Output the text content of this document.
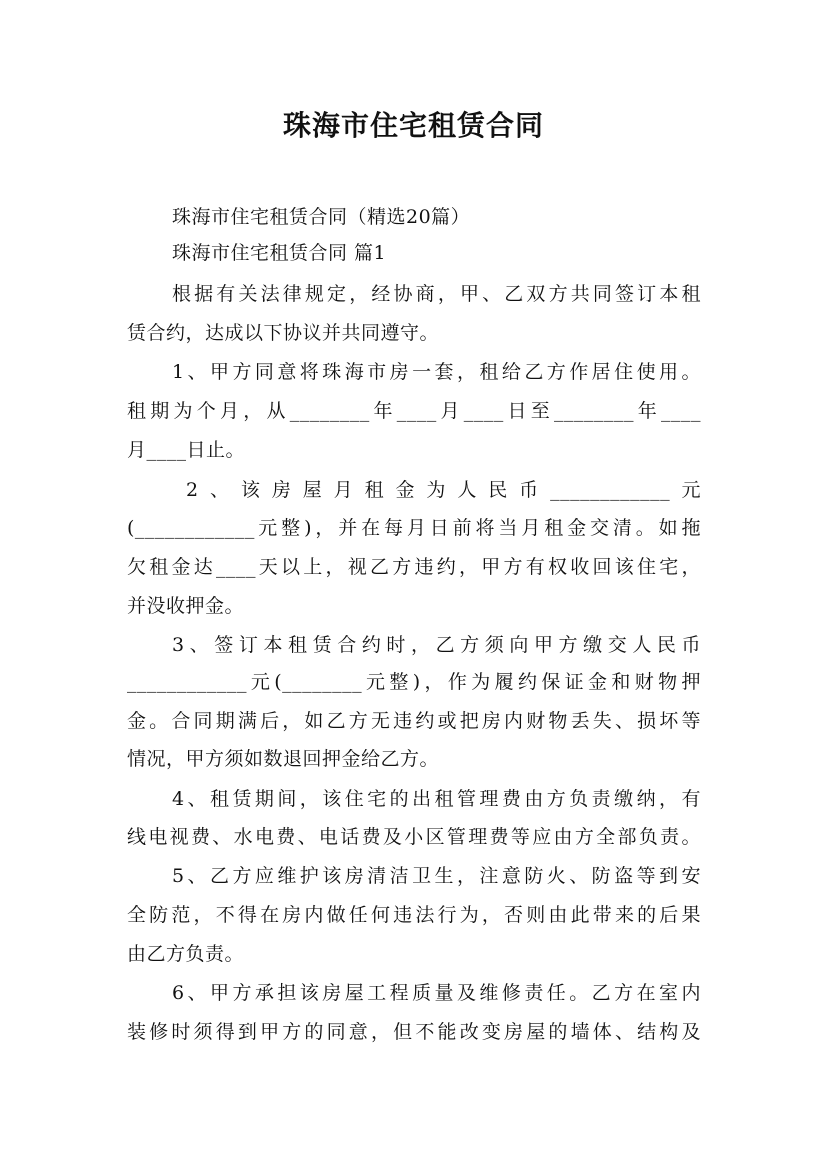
珠海市住宅租赁合同
珠海市住宅租赁合同（精选20篇）
珠海市住宅租赁合同 篇1
根据有关法律规定，经协商，甲、乙双方共同签订本租
赁合约，达成以下协议并共同遵守。
1、甲方同意将珠海市房一套，租给乙方作居住使用。
租期为个月，从________年____月____日至________年____
月____日止。
2、该房屋月租金为人民币____________元
(____________元整)，并在每月日前将当月租金交清。如拖
欠租金达____天以上，视乙方违约，甲方有权收回该住宅，
并没收押金。
3、签订本租赁合约时，乙方须向甲方缴交人民币
____________元(________元整)，作为履约保证金和财物押
金。合同期满后，如乙方无违约或把房内财物丢失、损坏等
情况，甲方须如数退回押金给乙方。
4、租赁期间，该住宅的出租管理费由方负责缴纳，有
线电视费、水电费、电话费及小区管理费等应由方全部负责。
5、乙方应维护该房清洁卫生，注意防火、防盗等到安
全防范，不得在房内做任何违法行为，否则由此带来的后果
由乙方负责。
6、甲方承担该房屋工程质量及维修责任。乙方在室内
装修时须得到甲方的同意，但不能改变房屋的墙体、结构及
